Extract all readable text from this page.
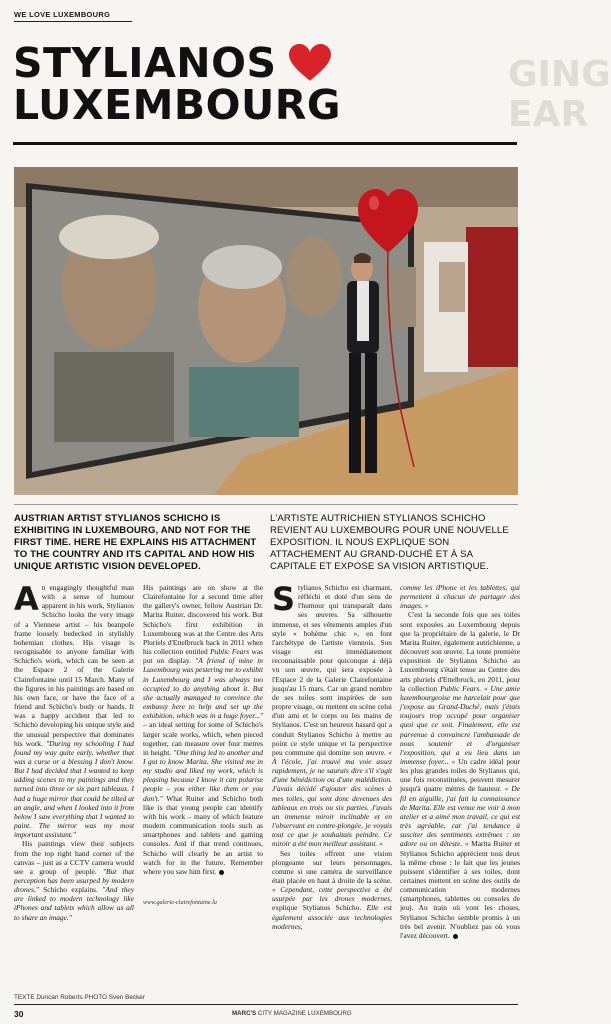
WE LOVE LUXEMBOURG
GING
EAR
STYLIANOS
LUXEMBOURG
AUSTRIAN ARTIST STYLIANOS SCHICHO IS EXHIBITING IN LUXEMBOURG, AND NOT FOR THE FIRST TIME. HERE HE EXPLAINS HIS ATTACHMENT TO THE COUNTRY AND ITS CAPITAL AND HOW HIS UNIQUE ARTISTIC VISION DEVELOPED.
L'ARTISTE AUTRICHIEN STYLIANOS SCHICHO REVIENT AU LUXEMBOURG POUR UNE NOUVELLE EXPOSITION. IL NOUS EXPLIQUE SON ATTACHEMENT AU GRAND-DUCHÉ ET À SA CAPITALE ET EXPOSE SA VISION ARTISTIQUE.

An engagingly thoughtful man with a sense of humour apparent in his work, Stylianos Schicho looks the very image of a Viennese artist – his beanpole frame loosely bedecked in stylishly bohemian clothes. His visage is recognisable to anyone familiar with Schicho's work, which can be seen at the Espace 2 of the Galerie Clairefontaine until 15 March. Many of the figures in his paintings are based on his own face, or have the face of a friend and Schicho's body or hands. It was a happy accident that led to Schicho developing his unique style and the unusual perspective that dominates his work. "During my schooling I had found my way quite early, whether that was a curse or a blessing I don't know. But I had decided that I wanted to keep adding scenes to my paintings and they turned into three or six part tableaux. I had a huge mirror that could be tilted at an angle, and when I looked into it from below I saw everything that I wanted to paint. The mirror was my most important assistant."

His paintings view their subjects from the top right hand corner of the canvas – just as a CCTV camera would see a group of people. "But that perception has been usurped by modern drones," Schicho explains. "And they are linked to modern technology like iPhones and tablets which allow us all to share an image."

His paintings are on show at the Clairefontaine for a second time after the gallery's owner, fellow Austrian Dr. Marita Ruiter, discovered his work. But Schicho's first exhibition in Luxembourg was at the Centre des Arts Pluriels d'Ettelbruck back in 2011 when his collection entitled Public Fears was put on display. "A friend of mine in Luxembourg was pestering me to exhibit in Luxembourg and I was always too occupied to do anything about it. But she actually managed to convince the embassy here to help and set up the exhibition, which was in a huge foyer..." – an ideal setting for some of Schicho's larger scale works, which, when pieced together, can measure over four metres in height. "One thing led to another and I got to know Marita. She visited me in my studio and liked my work, which is pleasing because I know it can polarise people – you either like them or you don't." What Ruiter and Schicho both like is that young people can identify with his work – many of which feature modern communication tools such as smartphones and tablets and gaming consoles. And if that trend continues, Schicho will clearly be an artist to watch for in the future. Remember where you saw him first.

www.galerie-clairefontaine.lu

Stylianos Schicho est charmant, réfléchi et doté d'un sens de l'humour qui transparaît dans ses œuvres. Sa silhouette immense, et ses vêtements amples d'un style « bohème chic », en font l'archétype de l'artiste viennois. Son visage est immédiatement reconnaissable pour quiconque a déjà vu son œuvre, qui sera exposée à l'Espace 2 de la Galerie Clairefontaine jusqu'au 15 mars. Car un grand nombre de ses toiles sont inspirées de son propre visage, ou mettent en scène celui d'un ami et le corps ou les mains de Stylianos. C'est un heureux hasard qui a conduit Stylianos Schicho à mettre au point ce style unique et la perspective peu commune qui domine son œuvre. « À l'école, j'ai trouvé ma voie assez rapidement, je ne saurais dire s'il s'agit d'une bénédiction ou d'une malédiction. J'avais décidé d'ajouter des scènes à mes toiles, qui sont donc devenues des tableaux en trois ou six parties. J'avais un immense miroir inclinable et en l'observant en contre-plongée, je voyais tout ce que je souhaitais peindre. Ce miroir a été mon meilleur assistant. »

Ses toiles offrent une vision plongeante sur leurs personnages, comme si une caméra de surveillance était placée en haut à droite de la scène. « Cependant, cette perspective a été usurpée par les drones modernes, explique Stylianos Schicho. Elle est également associée aux technologies modernes,

comme les iPhone et les tablettes, qui permettent à chacun de partager des images. »

C'est la seconde fois que ses toiles sont exposées au Luxembourg depuis que la propriétaire de la galerie, le Dr Marita Ruiter, également autrichienne, a découvert son œuvre. La toute première exposition de Stylianos Schicho au Luxembourg s'était tenue au Centre des arts pluriels d'Ettelbruck, en 2011, pour la collection Public Fears. « Une amie luxembourgeoise me harcelait pour que j'expose au Grand-Duché, mais j'étais toujours trop occupé pour organiser quoi que ce soit. Finalement, elle est parvenue à convaincre l'ambassade de nous soutenir et d'organiser l'exposition, qui a eu lieu dans un immense foyer... » Un cadre idéal pour les plus grandes toiles de Stylianos qui, une fois reconstituées, peuvent mesurer jusqu'à quatre mètres de hauteur. « De fil en aiguille, j'ai fait la connaissance de Marita. Elle est venue me voir à mon atelier et a aimé mon travail, ce qui est très agréable, car j'ai tendance à susciter des sentiments extrêmes : on adore ou on déteste. » Marita Ruiter et Stylianos Schicho apprécient tous deux la même chose : le fait que les jeunes puissent s'identifier à ses toiles, dont certaines mettent en scène des outils de communication modernes (smartphones, tablettes ou consoles de jeu). Au train où vont les choses, Stylianos Schicho semble promis à un très bel avenir. N'oubliez pas où vous l'avez découvert.

TEXTE Duncan Roberts PHOTO Sven Becker
30	MARC'S CITY MAGAZINE LUXEMBOURG
